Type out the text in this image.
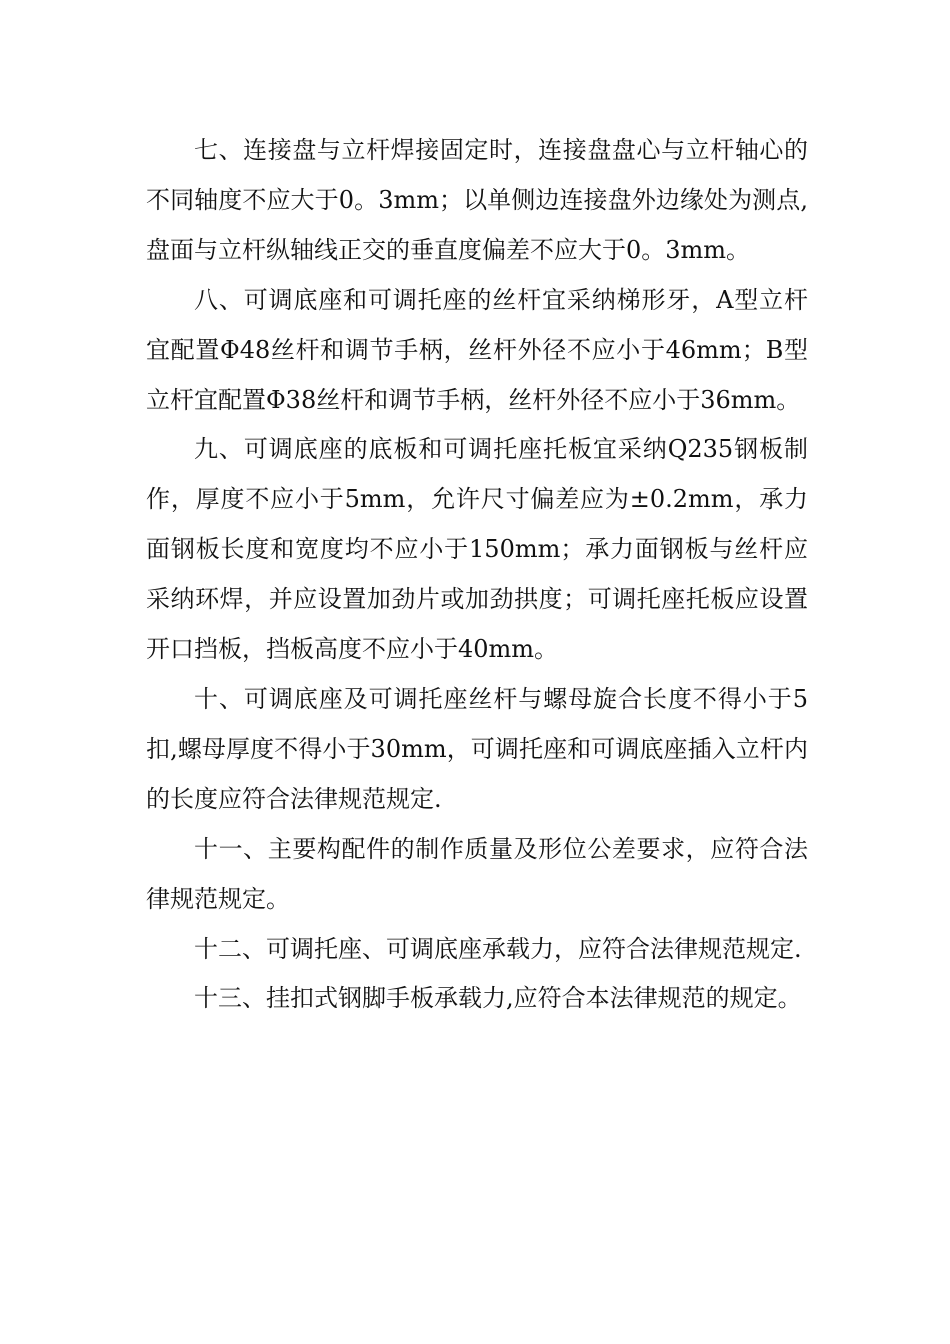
七、连接盘与立杆焊接固定时，连接盘盘心与立杆轴心的不同轴度不应大于0。3mm；以单侧边连接盘外边缘处为测点,盘面与立杆纵轴线正交的垂直度偏差不应大于0。3mm。

八、可调底座和可调托座的丝杆宜采纳梯形牙，A型立杆宜配置Φ48丝杆和调节手柄，丝杆外径不应小于46mm；B型立杆宜配置Φ38丝杆和调节手柄，丝杆外径不应小于36mm。

九、可调底座的底板和可调托座托板宜采纳Q235钢板制作，厚度不应小于5mm，允许尺寸偏差应为±0.2mm，承力面钢板长度和宽度均不应小于150mm；承力面钢板与丝杆应采纳环焊，并应设置加劲片或加劲拱度；可调托座托板应设置开口挡板，挡板高度不应小于40mm。

十、可调底座及可调托座丝杆与螺母旋合长度不得小于5扣,螺母厚度不得小于30mm，可调托座和可调底座插入立杆内的长度应符合法律规范规定.

十一、主要构配件的制作质量及形位公差要求，应符合法律规范规定。

十二、可调托座、可调底座承载力，应符合法律规范规定.

十三、挂扣式钢脚手板承载力,应符合本法律规范的规定。
